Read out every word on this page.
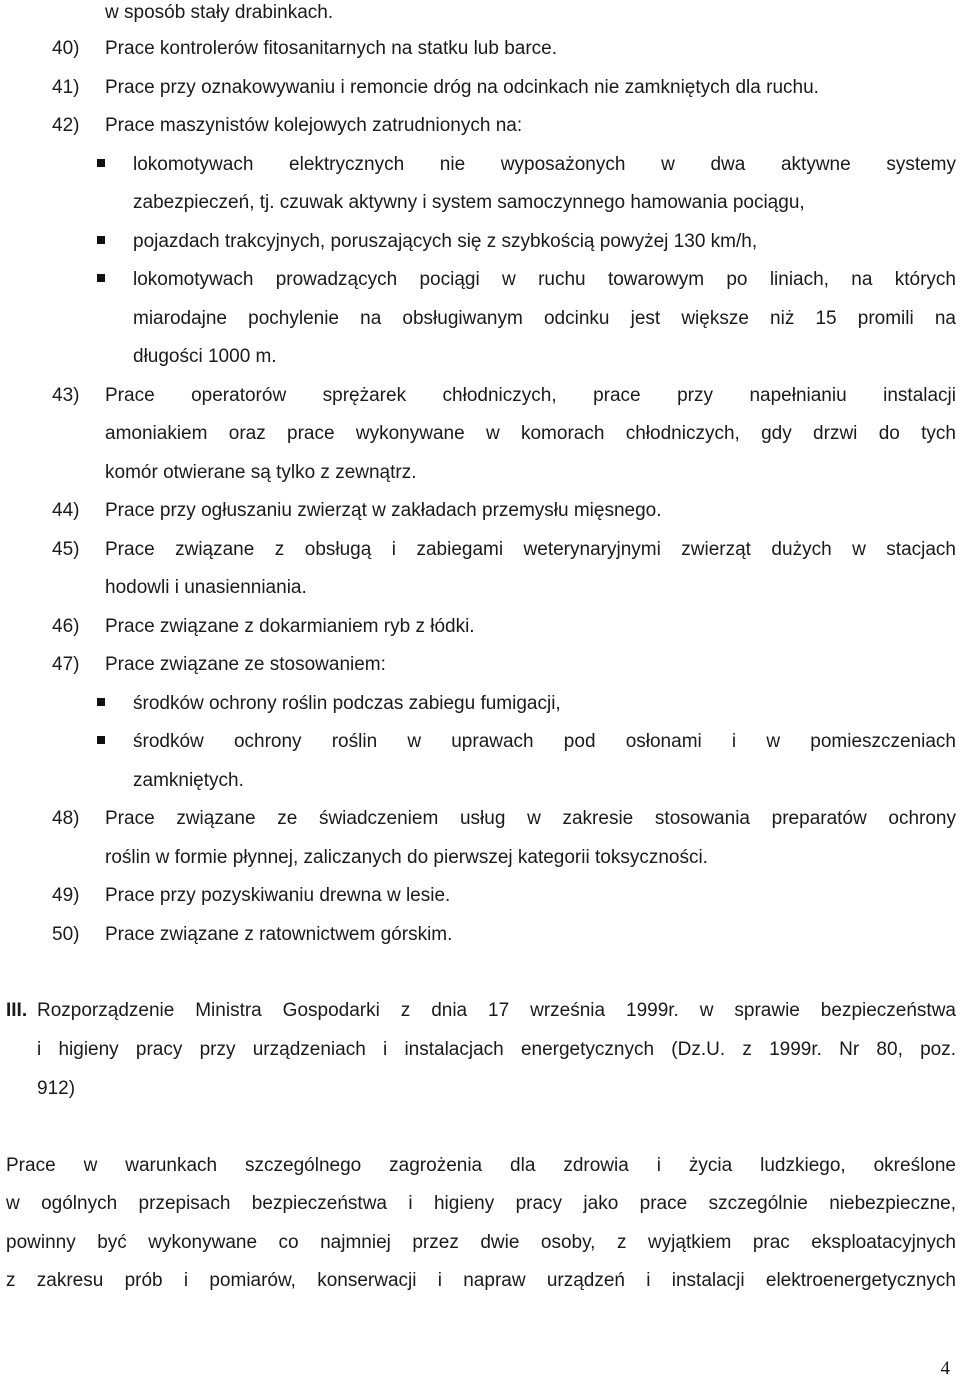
w sposób stały drabinkach.
40) Prace kontrolerów fitosanitarnych na statku lub barce.
41) Prace przy oznakowywaniu i remoncie dróg na odcinkach nie zamkniętych dla ruchu.
42) Prace maszynistów kolejowych zatrudnionych na:
lokomotywach elektrycznych nie wyposażonych w dwa aktywne systemy
zabezpieczeń, tj. czuwak aktywny i system samoczynnego hamowania pociągu,
pojazdach trakcyjnych, poruszających się z szybkością powyżej 130 km/h,
lokomotywach prowadzących pociągi w ruchu towarowym po liniach, na których
miarodajne pochylenie na obsługiwanym odcinku jest większe niż 15 promili na
długości 1000 m.
43) Prace operatorów sprężarek chłodniczych, prace przy napełnianiu instalacji
amoniakiem oraz prace wykonywane w komorach chłodniczych, gdy drzwi do tych
komór otwierane są tylko z zewnątrz.
44) Prace przy ogłuszaniu zwierząt w zakładach przemysłu mięsnego.
45) Prace związane z obsługą i zabiegami weterynaryjnymi zwierząt dużych w stacjach
hodowli i unasienniania.
46) Prace związane z dokarmianiem ryb z łódki.
47) Prace związane ze stosowaniem:
środków ochrony roślin podczas zabiegu fumigacji,
środków ochrony roślin w uprawach pod osłonami i w pomieszczeniach
zamkniętych.
48) Prace związane ze świadczeniem usług w zakresie stosowania preparatów ochrony
roślin w formie płynnej, zaliczanych do pierwszej kategorii toksyczności.
49) Prace przy pozyskiwaniu drewna w lesie.
50) Prace związane z ratownictwem górskim.
III. Rozporządzenie Ministra Gospodarki z dnia 17 września 1999r. w sprawie bezpieczeństwa
i higieny pracy przy urządzeniach i instalacjach energetycznych (Dz.U. z 1999r. Nr 80, poz.
912)
Prace w warunkach szczególnego zagrożenia dla zdrowia i życia ludzkiego, określone
w ogólnych przepisach bezpieczeństwa i higieny pracy jako prace szczególnie niebezpieczne,
powinny być wykonywane co najmniej przez dwie osoby, z wyjątkiem prac eksploatacyjnych
z zakresu prób i pomiarów, konserwacji i napraw urządzeń i instalacji elektroenergetycznych
4
